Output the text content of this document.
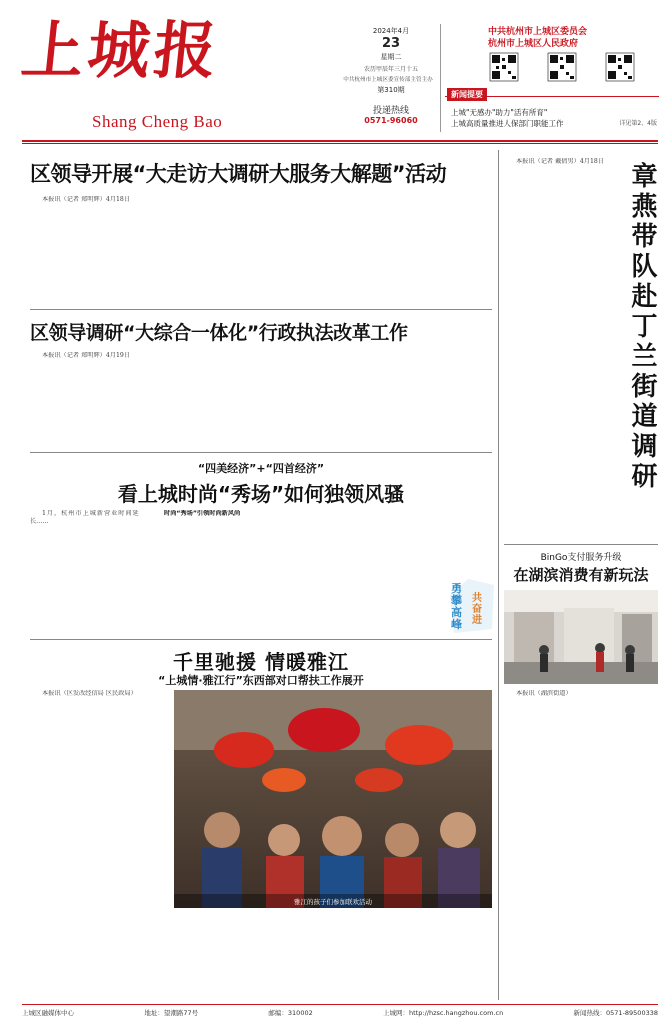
上城报
Shang Cheng Bao
2024年4月
23
星期二
农历甲辰年三月十五
中共杭州市上城区委宣传部主管主办
第310期
投递热线
0571-96060
中共杭州市上城区委员会
杭州市上城区人民政府
新闻提要
上城"无感办"助力"活有所育"
上城高质量推进人保部门职能工作	详见第2、4版
区领导开展“大走访大调研大服务大解题”活动

本报讯（记者 郑明辉）4月18日

区领导调研“大综合一体化”行政执法改革工作

本报讯（记者 郑明辉）4月19日

“四美经济”+“四首经济”
看上城时尚“秀场”如何独领风骚

1月，杭州市上城新营业时间延长……

时尚“秀场”引领时尚新风尚

勇
攀
高
峰
共
奋
进
千里驰援 情暖雅江
“上城情·雅江行”东西部对口帮扶工作展开

本报讯（区发改经信局 区民政局）

雅江的孩子们参加联欢活动

本报讯（记者 戴倩男）4月18日

章燕带队赴丁兰街道调研
BinGo支付服务升级
在湖滨消费有新玩法

本报讯（湖滨街道）

上城区融媒体中心	地址：望潮路77号	邮编：310002	上城网：http://hzsc.hangzhou.com.cn	新闻热线：0571-89500338
